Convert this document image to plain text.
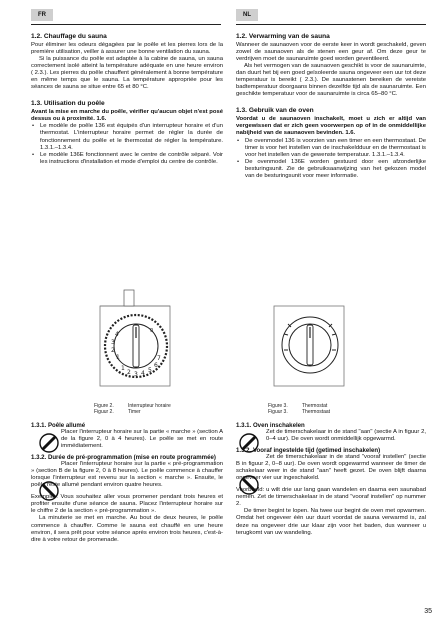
FR	NL
1.2. Chauffage du sauna

Pour éliminer les odeurs dégagées par le poêle et les pierres lors de la première utilisation, veiller à assurer une bonne ventilation du sauna.

Si la puissance du poêle est adaptée à la cabine de sauna, un sauna correctement isolé atteint la température adéquate en une heure environ ( 2.3.). Les pierres du poêle chauffent généralement à bonne température en même temps que le sauna. La température appropriée pour les séances de sauna se situe entre 65 et 80 °C.

1.3. Utilisation du poêle

Avant la mise en marche du poêle, vérifier qu'aucun objet n'est posé dessus ou à proximité. 1.6.

• Le modèle de poêle 136 est équipés d'un interrupteur horaire et d'un thermostat. L'interrupteur horaire permet de régler la durée de fonctionnement du poêle et le thermostat de régler la température. 1.3.1.–1.3.4.
• Le modèle 136E fonctionnent avec le centre de contrôle séparé. Voir les instructions d'installation et mode d'emploi du centre de contrôle.
1.2. Verwarming van de sauna

Wanneer de saunaoven voor de eerste keer in wordt geschakeld, geven zowel de saunaoven als de stenen een geur af. Om deze geur te verdrijven moet de saunaruimte goed worden geventileerd.

Als het vermogen van de saunaoven geschikt is voor de saunaruimte, dan duurt het bij een goed geïsoleerde sauna ongeveer een uur tot deze temperatuur is bereikt ( 2.3.). De saunastenen bereiken de vereiste badtemperatuur doorgaans binnen dezelfde tijd als de saunaruimte. Een geschikte temperatuur voor de saunaruimte is circa 65–80 °C.

1.3. Gebruik van de oven

Voordat u de saunaoven inschakelt, moet u zich er altijd van vergewissen dat er zich geen voorwerpen op of in de onmiddellijke nabijheid van de saunaoven bevinden. 1.6.

• De ovenmodel 136 is voorzien van een timer en een thermostaat. De timer is voor het instellen van de inschakeldduur en de thermostaat is voor het instellen van de gewenste temperatuur. 1.3.1.–1.3.4.
• De ovenmodel 136E worden gestuurd door een afzonderlijke besturingsunit. Zie de gebruiksaanwijzing van het gekozen model van de besturingsunit voor meer informatie.
4
3
2
1
1
2 3 4 5
6
7
0
Figure 2.	Interrupteur horaire
Figuur 2.	Timer
Figure 3.	Thermostat
Figuur 3.	Thermostaat
1.3.1. Poêle allumé

Placer l'interrupteur horaire sur la partie « marche » (section A de la figure 2, 0 à 4 heures). Le poêle se met en route immédiatement.

1.3.2. Durée de pré-programmation (mise en route programmée)

Placer l'interrupteur horaire sur la partie « pré-programmation » (section B de la figure 2, 0 à 8 heures). Le poêle commence à chauffer lorsque l'interrupteur est revenu sur la section « marche ». Ensuite, le poêle reste allumé pendant environ quatre heures.

Exemple : Vous souhaitez aller vous promener pendant trois heures et profiter ensuite d'une séance de sauna. Placez l'interrupteur horaire sur le chiffre 2 de la section « pré-programmation ».

La minuterie se met en marche. Au bout de deux heures, le poêle commence à chauffer. Comme le sauna est chauffé en une heure environ, il sera prêt pour votre séance après environ trois heures, c'est-à-dire à votre retour de promenade.

1.3.1. Oven inschakelen

Zet de timerschakelaar in de stand "aan" (sectie A in figuur 2, 0–4 uur). De oven wordt onmiddellijk opgewarmd.

1.3.2. Vooraf ingestelde tijd (getimed inschakelen)

Zet de timerschakelaar in de stand "vooraf instellen" (sectie B in figuur 2, 0–8 uur). De oven wordt opgewarmd wanneer de timer de schakelaar weer in de stand "aan" heeft gezet. De oven blijft daarna ongeveer vier uur ingeschakeld.

Voorbeeld: u wilt drie uur lang gaan wandelen en daarna een saunabad nemen. Zet de timerschakelaar in de stand "vooraf instellen" op nummer 2.

De timer begint te lopen. Na twee uur begint de oven met opwarmen. Omdat het ongeveer één uur duurt voordat de sauna verwarmd is, zal deze na ongeveer drie uur klaar zijn voor het baden, dus wanneer u terugkomt van uw wandeling.

35
